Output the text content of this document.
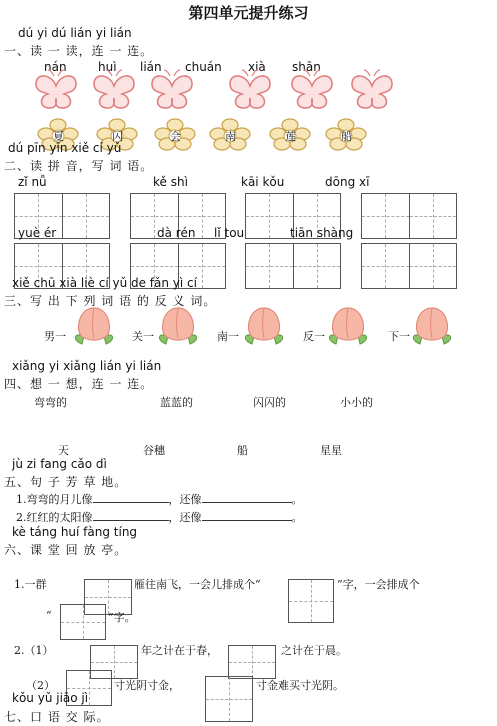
第四单元提升练习
dú yi dú lián yi lián
一、读 一 读，连 一 连。
nán	huì lián chuán xià shān
夏	闪	会	南	莲	船
dú pīn yīn xiě cí yǔ
二、读 拼 音，写 词 语。
zǐ nǚ	kě shì	kāi kǒu	dōng xī
yuè ér	dà rén lǐ tou	tiān shàng
xiě chū xià liè cí yǔ de fǎn yì cí
三、写 出 下 列 词 语 的 反 义 词。
男一	关一	南一	反一	下一
xiǎng yi xiǎng lián yi lián
四、想 一 想，连 一 连。
弯弯的	蓝蓝的	闪闪的	小小的
天	谷穗	船	星星
jù zi fang cǎo dì
五、句 子 芳 草 地。
1.弯弯的月儿像	，还像	。
2.红红的太阳像	，还像	。
kè táng huí fàng tíng
六、课 堂 回 放 亭。
1.一群	雁往南飞，一会儿排成个“	”字，一会排成个
“	”字。
2.（1）	年之计在于春，	之计在于晨。
（2）	寸光阴寸金，	寸金难买寸光阴。
kǒu yǔ jiāo jì
七、口 语 交 际。
